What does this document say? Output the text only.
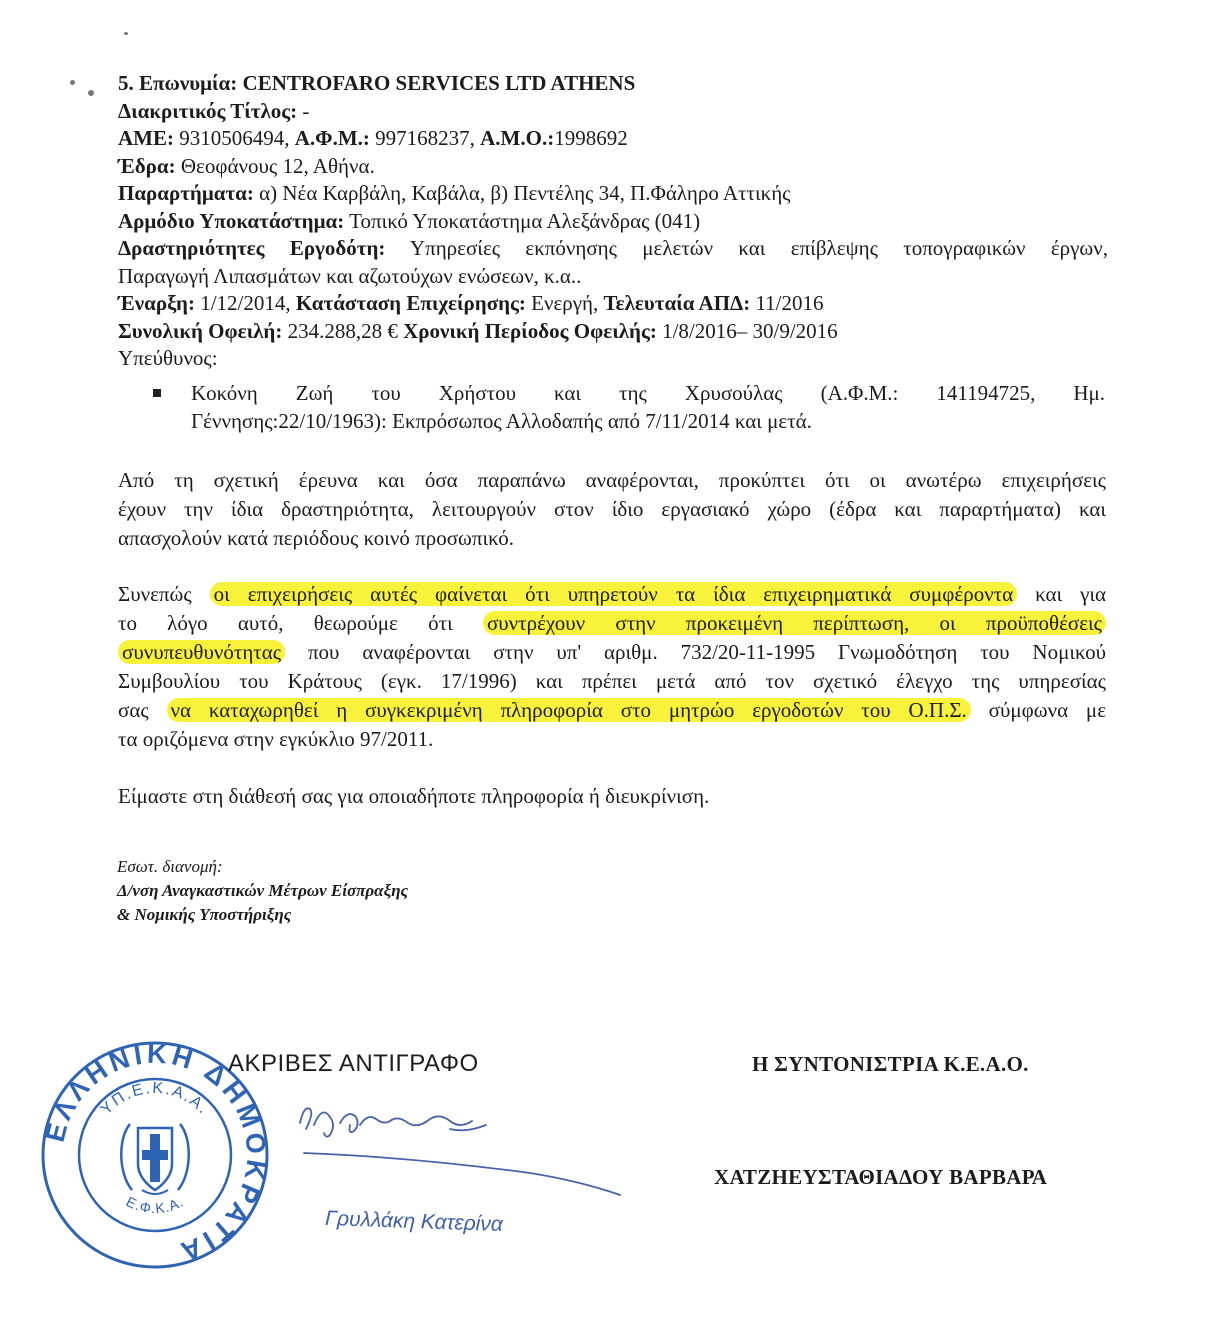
5. Επωνυμία: CENTROFARO SERVICES LTD ATHENS
Διακριτικός Τίτλος: -
ΑΜΕ: 9310506494, Α.Φ.Μ.: 997168237, Α.Μ.Ο.:1998692
Έδρα: Θεοφάνους 12, Αθήνα.
Παραρτήματα: α) Νέα Καρβάλη, Καβάλα, β) Πεντέλης 34, Π.Φάληρο Αττικής
Αρμόδιο Υποκατάστημα: Τοπικό Υποκατάστημα Αλεξάνδρας (041)
Δραστηριότητες Εργοδότη: Υπηρεσίες εκπόνησης μελετών και επίβλεψης τοπογραφικών έργων,
Παραγωγή Λιπασμάτων και αζωτούχων ενώσεων, κ.α..
Έναρξη: 1/12/2014, Κατάσταση Επιχείρησης: Ενεργή, Τελευταία ΑΠΔ: 11/2016
Συνολική Οφειλή: 234.288,28 € Χρονική Περίοδος Οφειλής: 1/8/2016– 30/9/2016
Υπεύθυνος:
Κοκόνη Ζωή του Χρήστου και της Χρυσούλας (Α.Φ.Μ.: 141194725, Ημ.
Γέννησης:22/10/1963): Εκπρόσωπος Αλλοδαπής από 7/11/2014 και μετά.
Από τη σχετική έρευνα και όσα παραπάνω αναφέρονται, προκύπτει ότι οι ανωτέρω επιχειρήσεις
έχουν την ίδια δραστηριότητα, λειτουργούν στον ίδιο εργασιακό χώρο (έδρα και παραρτήματα) και
απασχολούν κατά περιόδους κοινό προσωπικό.
Συνεπώς οι επιχειρήσεις αυτές φαίνεται ότι υπηρετούν τα ίδια επιχειρηματικά συμφέροντα και για
το λόγο αυτό, θεωρούμε ότι συντρέχουν στην προκειμένη περίπτωση, οι προϋποθέσεις
συνυπευθυνότητας που αναφέρονται στην υπ' αριθμ. 732/20-11-1995 Γνωμοδότηση του Νομικού
Συμβουλίου του Κράτους (εγκ. 17/1996) και πρέπει μετά από τον σχετικό έλεγχο της υπηρεσίας
σας να καταχωρηθεί η συγκεκριμένη πληροφορία στο μητρώο εργοδοτών του Ο.Π.Σ. σύμφωνα με
τα οριζόμενα στην εγκύκλιο 97/2011.
Είμαστε στη διάθεσή σας για οποιαδήποτε πληροφορία ή διευκρίνιση.
Εσωτ. διανομή:
Δ/νση Αναγκαστικών Μέτρων Είσπραξης
& Νομικής Υποστήριξης
ΕΛΛΗΝΙΚΗ ΔΗΜΟΚΡΑΤΙΑ
ΥΠ.Ε.Κ.Α.Α.
Ε.Φ.Κ.Α.
ΑΚΡΙΒΕΣ ΑΝΤΙΓΡΑΦΟ
Γρυλλάκη Κατερίνα
Η ΣΥΝΤΟΝΙΣΤΡΙΑ Κ.Ε.Α.Ο.
ΧΑΤΖΗΕΥΣΤΑΘΙΑΔΟΥ ΒΑΡΒΑΡΑ
